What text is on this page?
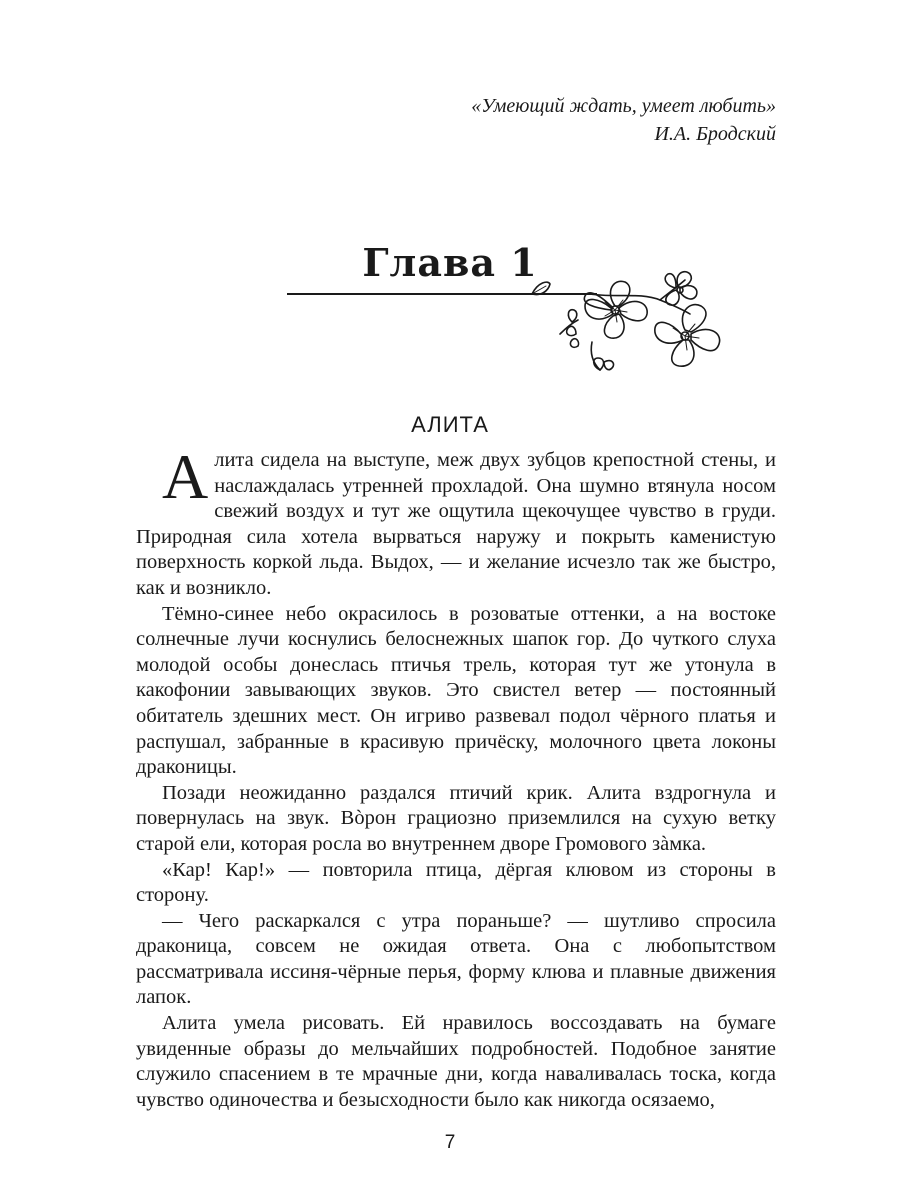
«Умеющий ждать, умеет любить»
И.А. Бродский
Глава 1
АЛИТА

Алита сидела на выступе, меж двух зубцов крепостной стены, и наслаждалась утренней прохладой. Она шумно втянула носом свежий воздух и тут же ощутила щекочущее чувство в груди. Природная сила хотела вырваться наружу и покрыть каменистую поверхность коркой льда. Выдох, — и желание исчезло так же быстро, как и возникло.

Тёмно-синее небо окрасилось в розоватые оттенки, а на востоке солнечные лучи коснулись белоснежных шапок гор. До чуткого слуха молодой особы донеслась птичья трель, которая тут же утонула в какофонии завывающих звуков. Это свистел ветер — постоянный обитатель здешних мест. Он игриво развевал подол чёрного платья и распушал, забранные в красивую причёску, молочного цвета локоны драконицы.

Позади неожиданно раздался птичий крик. Алита вздрогнула и повернулась на звук. Вòрон грациозно приземлился на сухую ветку старой ели, которая росла во внутреннем дворе Громового зàмка.

«Кар! Кар!» — повторила птица, дёргая клювом из стороны в сторону.

— Чего раскаркался с утра пораньше? — шутливо спросила драконица, совсем не ожидая ответа. Она с любопытством рассматривала иссиня-чёрные перья, форму клюва и плавные движения лапок.

Алита умела рисовать. Ей нравилось воссоздавать на бумаге увиденные образы до мельчайших подробностей. Подобное занятие служило спасением в те мрачные дни, когда наваливалась тоска, когда чувство одиночества и безысходности было как никогда осязаемо,

7
